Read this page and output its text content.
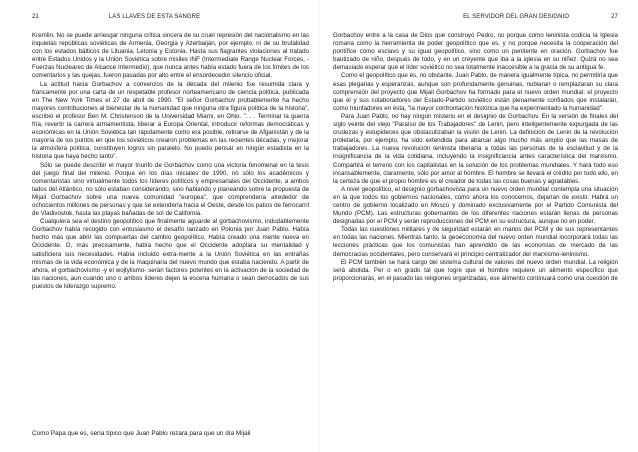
21	LAS LLAVES DE ESTA SANGRE

Kremlin. No se puede arriesgar ninguna crítica sincera de su cruel represión del nacionalismo en las inquietas repúblicas soviéticas de Armenia, Georgia y Azerbaiján, por ejemplo, ni de su brutalidad con los estados bálticos de Lituania, Letonia y Estonia. Hasta sus flagrantes violaciones al tratado entre Estados Unidos y la Unión Soviética sobre misiles INF (Intermediate Range Nuclear Forces, -Fuerzas Nucleares de Alcance Intermedio), que nunca antes había estado fuera de los límites de los comentarios y las quejas, fueron pasadas por alto entre el ensordecedor silencio oficial.

La actitud hacia Gorbachov a comienzos de la década del milenio fue resumida clara y francamente por una carta de un respetable profesor norteamericano de ciencia política, publicada en The New York Times el 27 de abril de 1990. "El señor Gorbachov probablemente ha hecho mayores contribuciones al bienestar de la humanidad que ninguna otra figura política de la historia", escribió el profesor Ben M. Christenson de la Universidad Miami, en Ohio. ". . . Terminar la guerra fría, revertir la carrera armamentista, liberar a Europa Oriental, introducir reformas democráticas y económicas en la Unión Soviética tan rápidamente como era posible, retirarse de Afganistán y de la mayoría de los puntos en que los soviéticos crearon problemas en las recientes décadas, y mejorar la atmósfera política, constituyen logros sin paralelo. No puedo pensar en ningún estadista en la historia que haya hecho tanto".

Sólo se puede describir el mayor triunfo de Gorbachov como una victoria fenomenal en la tesis del juego final del milenio. Porque en los días iniciales de 1990, no sólo los académicos y comentaristas sino virtualmente todos los líderes políticos y empresariales del Occidente, a ambos lados del Atlántico, no sólo estaban considerando, sino hablando y planeando sobre la propuesta de Mijail Gorbachov sobre una nueva comunidad "europea", que comprendería alrededor de ochocientos millones de personas y que se extendería hacia el Oeste, desde los patios de ferrocarril de Vladivostok, hasta las playas bañadas de sol de California.

Cualquiera sea el destino geopolítico que finalmente aguarde al gorbachovismo, indudablemente Gorbachov había recogido con entusiasmo el desafío lanzado en Polonia por Juan Pablo. Había hecho más que abrir las compuertas del cambio geopolítico. Había creado una mente nueva en Occidente. O, más precisamente, había hecho que el Occidente adoptara su mentalidad y satisficiera sus necesidades. Había incluido extra-mente a la Unión Soviética en las entrañas mismas de la vida económica y de la maquinaria del nuevo mundo que estaba naciendo. A partir de ahora, el gorbachovismo -y el wojtylismo- serán factores potentes en la activación de la sociedad de las naciones, aun cuando uno o ambos líderes dejen la escena humana o sean derrocados de sus puestos de liderazgo supremo.

Como Papa que es, sería típico que Juan Pablo rezara para que un día Mijail
EL SERVIDOR DEL GRAN DESIGNIO	27

Gorbachov entre a la casa de Dios que construyó Pedro, no porque como leninista codicia la Iglesia romana como la herramienta de poder geopolítico que es, y no porque necesita la cooperación del pontífice como esclavo y su igual geopolítico, sino como un penitente en oración. Gorbachov fue bautizado de niño, después de todo, y en un creyente que iba a la iglesia en su niñez. Quizá no sea demasiado esperar que el líder soviético no sea totalmente inaccesible a la gracia de su antigua fe.

Como el geopolítico que es, no obstante, Juan Pablo, de manera igualmente típica, no permitiría que esas plegarias y esperanzas, aunque son profundamente genuinas, nublaran o remplazaran su clara comprensión del proyecto que Mijail Gorbachov ha formado para el nuevo orden mundial: el proyecto que él y sus colaboradores del Estado-Partido soviético están plenamente confiados que instalarán, como triunfadores en ésta, "la mayor confrontación histórica que ha experimentado la humanidad".

Para Juan Pablo, no hay ningún misterio en el designio de Gorbachov. En la versión de finales del siglo veinte del viejo "Paraíso de los Trabajadores" de Lenin, pero inteligentemente expurgada de las crudezas y estupideces que obstaculizaban la visión de Lenin. La definición de Lenin de la revolución proletaria, por ejemplo, ha sido extendida para abarcar algo mucho más amplio que las masas de trabajadores. La nueva revolución leninista liberaría a todas las personas de la esclavitud y de la insignificancia de la vida cotidiana, incluyendo la insignificancia antes característica del marxismo. Compartirá el terreno con los capitalistas en la solución de los problemas mundiales. Y hará todo eso incansablemente, claramente, sólo por amor al hombre. El hombre se llevará el crédito por todo ello, en la certeza de que el propio hombre es el creador de todas las cosas buenas y agradables.

A nivel geopolítico, el designio gorbachovista para un nuevo orden mundial contempla una situación en la que todos los gobiernos nacionales, como ahora los conocemos, dejarían de existir. Habrá un centro de gobierno localizado en Moscú y dominado exclusivamente por el Partido Comunista del Mundo (PCM). Las estructuras gobernantes de los diferentes naciones estarán llenas de personas designadas por el PCM y serán reproducciones del PCM en su estructura, aunque no en poder.

Todas las cuestiones militares y de seguridad estarán en manos del PCM y de sus representantes en todas las naciones. Mientras tanto, la geoeconomía del nuevo orden mundial incorporará todas las lecciones prácticas que los comunistas han aprendido de las economías de mercado de las democracias occidentales, pero conservará el principio centralizador del marxismo-leninismo.

El PCM también se hará cargo del sistema cultural de valores del nuevo orden mundial. La religión será abolida. Per o en grado tal que logre que el hombre requiere un alimento específico que proporcionarás, en el pasado las religiones organizadas, ese alimento continuará como una cuestión de
